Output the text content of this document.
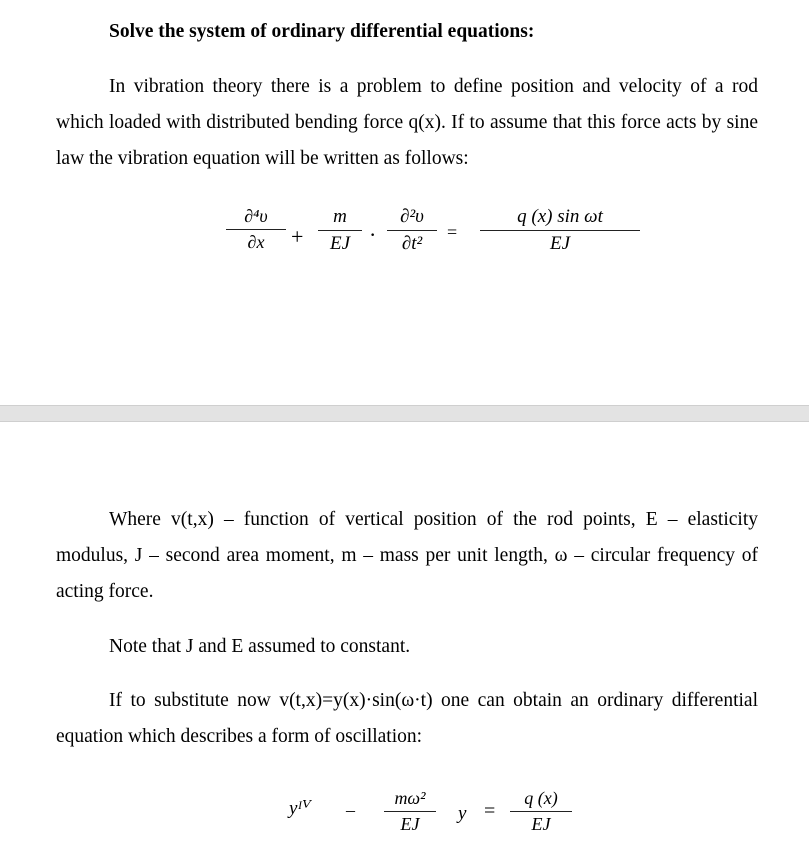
Solve the system of ordinary differential equations:

In vibration theory there is a problem to define position and velocity of a rod which loaded with distributed bending force q(x). If to assume that this force acts by sine law the vibration equation will be written as follows:

∂⁴υ
∂x	+
m
EJ ·
∂²υ
∂t²
=
q (x) sin ωt
EJ

Where v(t,x) – function of vertical position of the rod points, E – elasticity modulus, J – second area moment, m – mass per unit length, ω – circular frequency of acting force.

Note that J and E assumed to constant.

If to substitute now v(t,x)=y(x)·sin(ω·t) one can obtain an ordinary differential equation which describes a form of oscillation:

yᴵⱽ –
mω²
EJ	y =
q (x)
EJ
